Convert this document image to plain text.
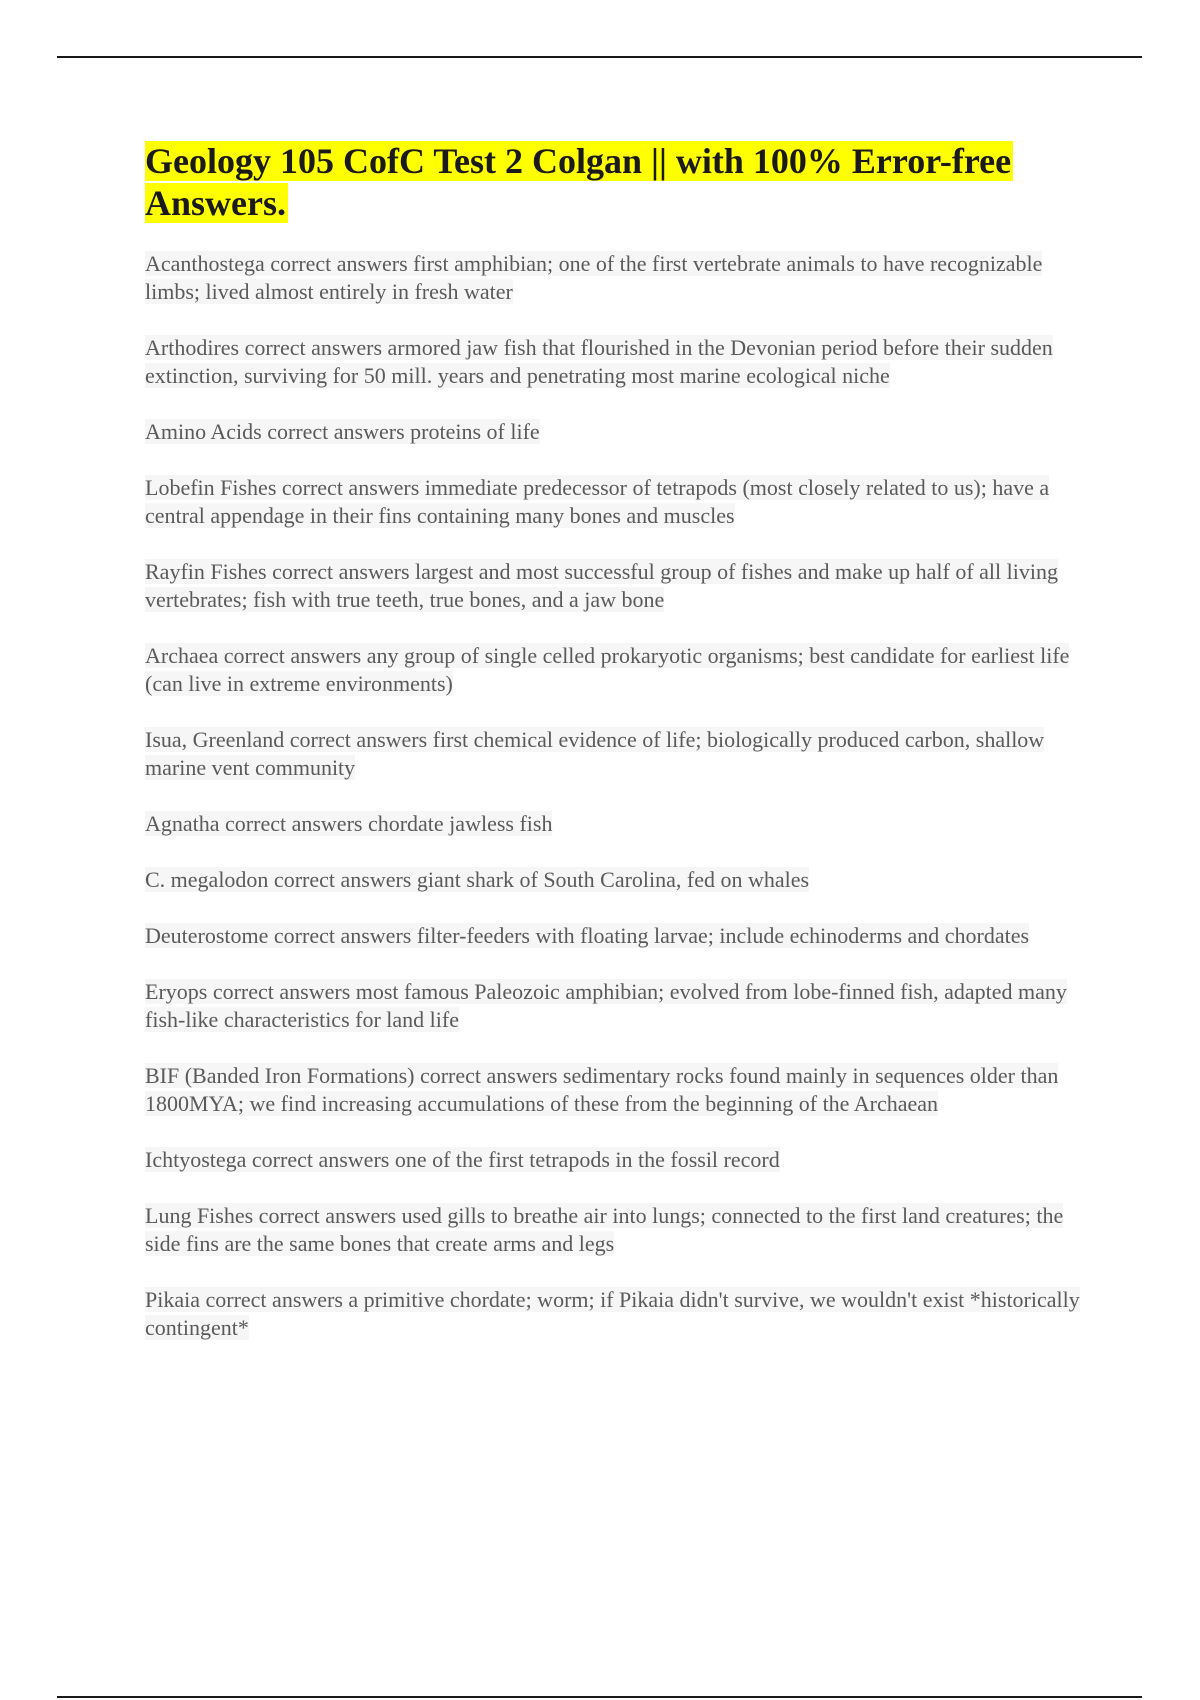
Geology 105 CofC Test 2 Colgan || with 100% Error-free Answers.
Acanthostega correct answers first amphibian; one of the first vertebrate animals to have recognizable limbs; lived almost entirely in fresh water
Arthodires correct answers armored jaw fish that flourished in the Devonian period before their sudden extinction, surviving for 50 mill. years and penetrating most marine ecological niche
Amino Acids correct answers proteins of life
Lobefin Fishes correct answers immediate predecessor of tetrapods (most closely related to us); have a central appendage in their fins containing many bones and muscles
Rayfin Fishes correct answers largest and most successful group of fishes and make up half of all living vertebrates; fish with true teeth, true bones, and a jaw bone
Archaea correct answers any group of single celled prokaryotic organisms; best candidate for earliest life (can live in extreme environments)
Isua, Greenland correct answers first chemical evidence of life; biologically produced carbon, shallow marine vent community
Agnatha correct answers chordate jawless fish
C. megalodon correct answers giant shark of South Carolina, fed on whales
Deuterostome correct answers filter-feeders with floating larvae; include echinoderms and chordates
Eryops correct answers most famous Paleozoic amphibian; evolved from lobe-finned fish, adapted many fish-like characteristics for land life
BIF (Banded Iron Formations) correct answers sedimentary rocks found mainly in sequences older than 1800MYA; we find increasing accumulations of these from the beginning of the Archaean
Ichtyostega correct answers one of the first tetrapods in the fossil record
Lung Fishes correct answers used gills to breathe air into lungs; connected to the first land creatures; the side fins are the same bones that create arms and legs
Pikaia correct answers a primitive chordate; worm; if Pikaia didn't survive, we wouldn't exist *historically contingent*
